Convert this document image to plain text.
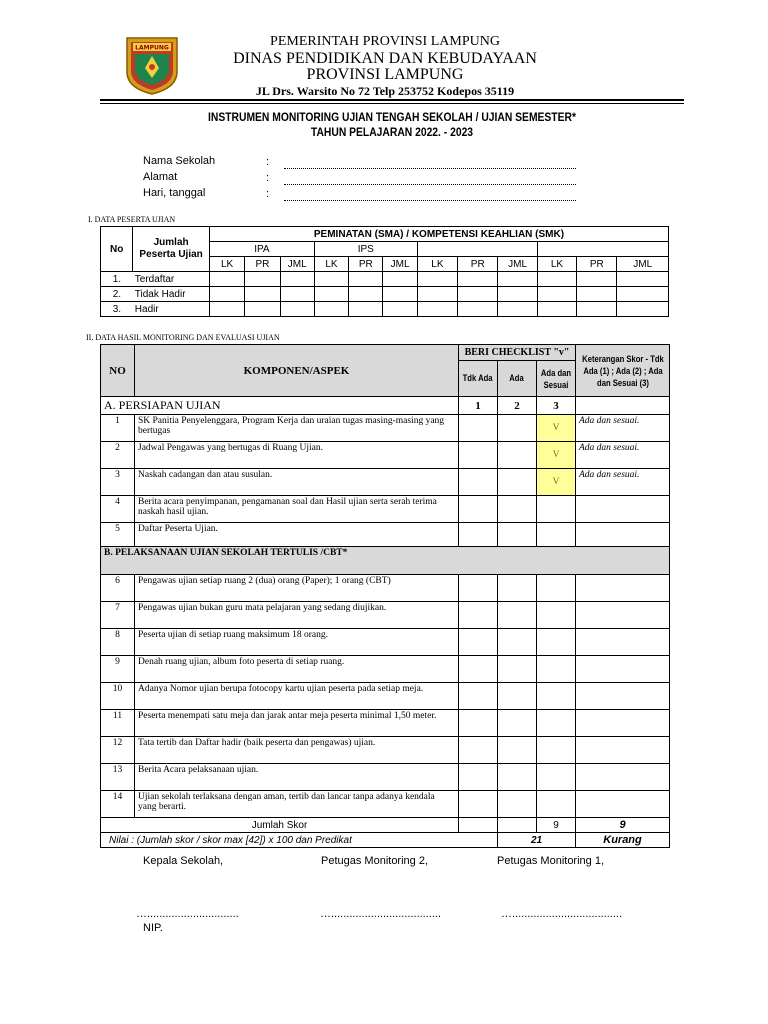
LAMPUNG	PEMERINTAH PROVINSI LAMPUNG
DINAS PENDIDIKAN DAN KEBUDAYAAN
PROVINSI LAMPUNG
JL Drs. Warsito No 72 Telp 253752 Kodepos 35119
INSTRUMEN MONITORING UJIAN TENGAH SEKOLAH / UJIAN SEMESTER*
TAHUN PELAJARAN 2022. - 2023
Nama Sekolah	:
Alamat	:
Hari, tanggal	:
I. DATA PESERTA UJIAN
No	Jumlah Peserta Ujian	PEMINATAN (SMA) / KOMPETENSI KEAHLIAN (SMK)											
		IPA			IPS								
		LK	PR	JML	LK	PR	JML	LK	PR	JML	LK	PR	JML
1.	Terdaftar												
2.	Tidak Hadir												
3.	Hadir												
II. DATA HASIL MONITORING DAN EVALUASI UJIAN
NO	KOMPONEN/ASPEK	BERI CHECKLIST "v"			Keterangan Skor - Tdk Ada (1) ; Ada (2) ; Ada dan Sesuai (3)
		Tdk Ada	Ada	Ada dan Sesuai	
A. PERSIAPAN UJIAN		1	2	3	
1	SK Panitia Penyelenggara, Program Kerja dan uraian tugas masing-masing yang bertugas			V	Ada dan sesuai.
2	Jadwal Pengawas yang bertugas di Ruang Ujian.			V	Ada dan sesuai.
3	Naskah cadangan dan atau susulan.			V	Ada dan sesuai.
4	Berita acara penyimpanan, pengamanan soal dan Hasil ujian serta serah terima naskah hasil ujian.				
5	Daftar Peserta Ujian.				
B. PELAKSANAAN UJIAN SEKOLAH TERTULIS /CBT*					
6	Pengawas ujian setiap ruang 2 (dua) orang (Paper); 1 orang (CBT)				
7	Pengawas ujian bukan guru mata pelajaran yang sedang diujikan.				
8	Peserta ujian di setiap ruang maksimum 18 orang.				
9	Denah ruang ujian, album foto peserta di setiap ruang.				
10	Adanya Nomor ujian berupa fotocopy kartu ujian peserta pada setiap meja.				
11	Peserta menempati satu meja dan jarak antar meja peserta minimal 1,50 meter.				
12	Tata tertib dan Daftar hadir (baik peserta dan pengawas) ujian.				
13	Berita Acara pelaksanaan ujian.				
14	Ujian sekolah terlaksana dengan aman, tertib dan lancar tanpa adanya kendala yang berarti.				
Jumlah Skor				9	9
Nilai : (Jumlah skor / skor max [42]) x 100 dan Predikat			21		Kurang
Kepala Sekolah,	Petugas Monitoring 2,	Petugas Monitoring 1,
…..............................	…....................................	…....................................
NIP.
